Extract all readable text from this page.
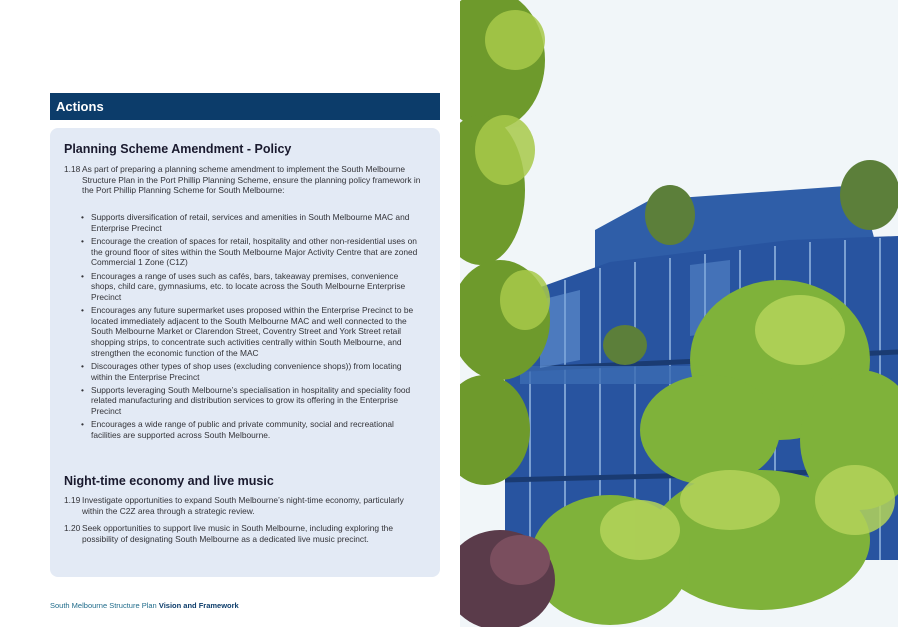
Actions
Planning Scheme Amendment - Policy
1.18 As part of preparing a planning scheme amendment to implement the South Melbourne Structure Plan in the Port Phillip Planning Scheme, ensure the planning policy framework in the Port Phillip Planning Scheme for South Melbourne:
• Supports diversification of retail, services and amenities in South Melbourne MAC and Enterprise Precinct
• Encourage the creation of spaces for retail, hospitality and other non-residential uses on the ground floor of sites within the South Melbourne Major Activity Centre that are zoned Commercial 1 Zone (C1Z)
• Encourages a range of uses such as cafés, bars, takeaway premises, convenience shops, child care, gymnasiums, etc. to locate across the South Melbourne Enterprise Precinct
• Encourages any future supermarket uses proposed within the Enterprise Precinct to be located immediately adjacent to the South Melbourne MAC and well connected to the South Melbourne Market or Clarendon Street, Coventry Street and York Street retail shopping strips, to concentrate such activities centrally within South Melbourne, and strengthen the economic function of the MAC
• Discourages other types of shop uses (excluding convenience shops)) from locating within the Enterprise Precinct
• Supports leveraging South Melbourne’s specialisation in hospitality and speciality food related manufacturing and distribution services to grow its offering in the Enterprise Precinct
• Encourages a wide range of public and private community, social and recreational facilities are supported across South Melbourne.
Night-time economy and live music
1.19 Investigate opportunities to expand South Melbourne’s night-time economy, particularly within the C2Z area through a strategic review.
1.20 Seek opportunities to support live music in South Melbourne, including exploring the possibility of designating South Melbourne as a dedicated live music precinct.
South Melbourne Structure Plan Vision and Framework
